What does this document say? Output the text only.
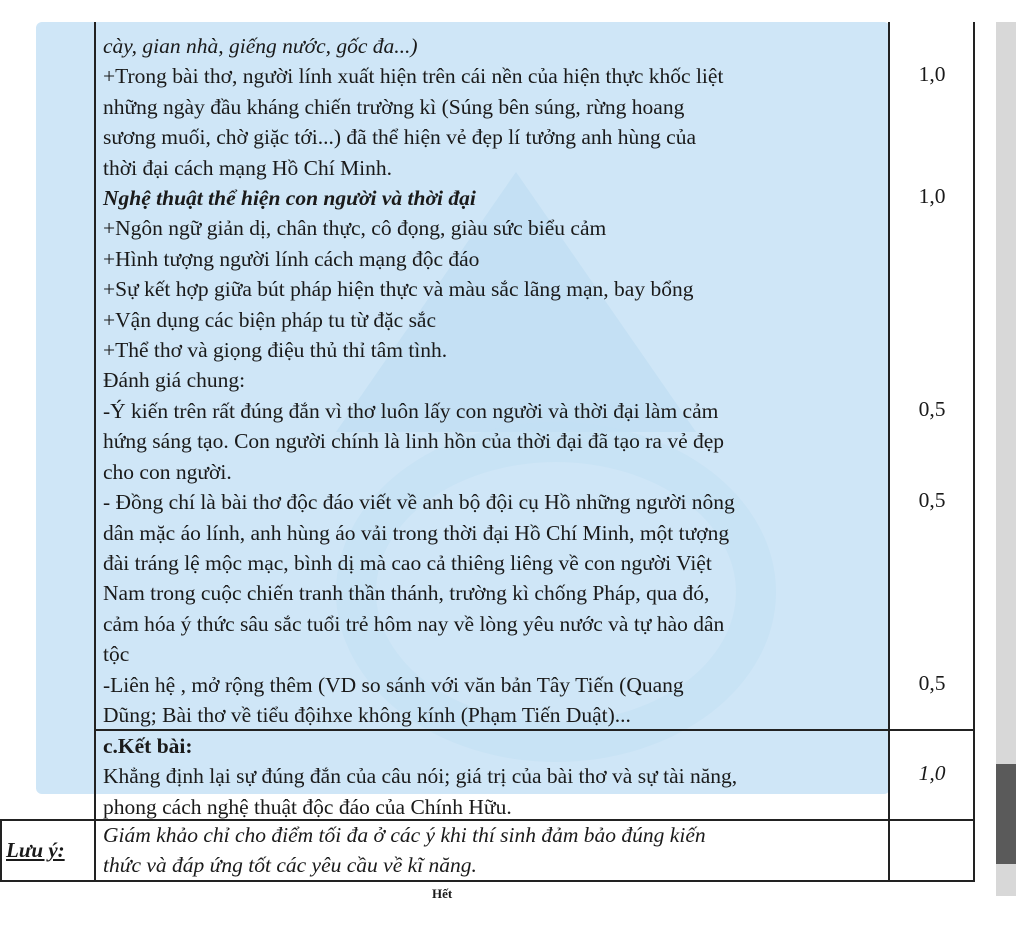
cày, gian nhà, giếng nước, gốc đa...)
+Trong bài thơ, người lính xuất hiện trên cái nền của hiện thực khốc liệt
những ngày đầu kháng chiến trường kì (Súng bên súng, rừng hoang
sương muối, chờ giặc tới...) đã thể hiện vẻ đẹp lí tưởng anh hùng của
thời đại cách mạng Hồ Chí Minh.
Nghệ thuật thể hiện con người và thời đại
+Ngôn ngữ giản dị, chân thực, cô đọng, giàu sức biểu cảm
+Hình tượng người lính cách mạng độc đáo
+Sự kết hợp giữa bút pháp hiện thực và màu sắc lãng mạn, bay bổng
+Vận dụng các biện pháp tu từ đặc sắc
+Thể thơ và giọng điệu thủ thỉ tâm tình.
Đánh giá chung:
-Ý kiến trên rất đúng đắn vì thơ luôn lấy con người và thời đại làm cảm
hứng sáng tạo. Con người chính là linh hồn của thời đại đã tạo ra vẻ đẹp
cho con người.
- Đồng chí là bài thơ độc đáo viết về anh bộ đội cụ Hồ những người nông
dân mặc áo lính, anh hùng áo vải trong thời đại Hồ Chí Minh, một tượng
đài tráng lệ mộc mạc, bình dị mà cao cả thiêng liêng về con người Việt
Nam trong cuộc chiến tranh thần thánh, trường kì chống Pháp, qua đó,
cảm hóa ý thức sâu sắc tuổi trẻ hôm nay về lòng yêu nước và tự hào dân
tộc
-Liên hệ , mở rộng thêm (VD so sánh với văn bản Tây Tiến (Quang
Dũng; Bài thơ về tiểu độihxe không kính (Phạm Tiến Duật)...
c.Kết bài:
Khẳng định lại sự đúng đắn của câu nói; giá trị của bài thơ và sự tài năng,
phong cách nghệ thuật độc đáo của Chính Hữu.
Lưu ý:
Giám khảo chỉ cho điểm tối đa ở các ý khi thí sinh đảm bảo đúng kiến
thức và đáp ứng tốt các yêu cầu về kĩ năng.
1,0
1,0
0,5
0,5
0,5
1,0
Hết
